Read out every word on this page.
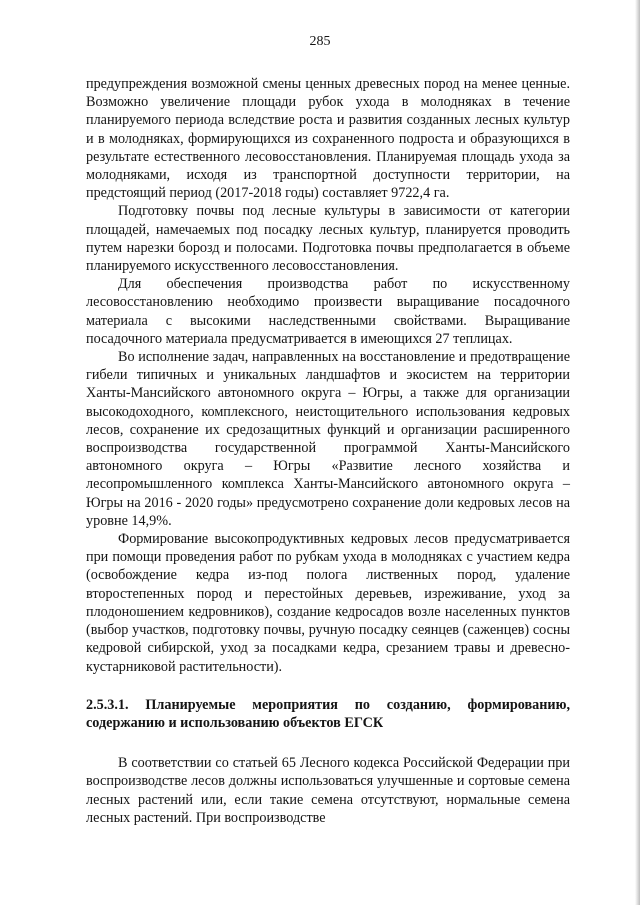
285

предупреждения возможной смены ценных древесных пород на менее ценные. Возможно увеличение площади рубок ухода в молодняках в течение планируемого периода вследствие роста и развития созданных лесных культур и в молодняках, формирующихся из сохраненного подроста и образующихся в результате естественного лесовосстановления. Планируемая площадь ухода за молодняками, исходя из транспортной доступности территории, на предстоящий период (2017-2018 годы) составляет 9722,4 га.

Подготовку почвы под лесные культуры в зависимости от категории площадей, намечаемых под посадку лесных культур, планируется проводить путем нарезки борозд и полосами. Подготовка почвы предполагается в объеме планируемого искусственного лесовосстановления.

Для обеспечения производства работ по искусственному лесовосстановлению необходимо произвести выращивание посадочного материала с высокими наследственными свойствами. Выращивание посадочного материала предусматривается в имеющихся 27 теплицах.

Во исполнение задач, направленных на восстановление и предотвращение гибели типичных и уникальных ландшафтов и экосистем на территории Ханты-Мансийского автономного округа – Югры, а также для организации высокодоходного, комплексного, неистощительного использования кедровых лесов, сохранение их средозащитных функций и организации расширенного воспроизводства государственной программой Ханты-Мансийского автономного округа – Югры «Развитие лесного хозяйства и лесопромышленного комплекса Ханты-Мансийского автономного округа – Югры на 2016 - 2020 годы» предусмотрено сохранение доли кедровых лесов на уровне 14,9%.

Формирование высокопродуктивных кедровых лесов предусматривается при помощи проведения работ по рубкам ухода в молодняках с участием кедра (освобождение кедра из-под полога лиственных пород, удаление второстепенных пород и перестойных деревьев, изреживание, уход за плодоношением кедровников), создание кедросадов возле населенных пунктов (выбор участков, подготовку почвы, ручную посадку сеянцев (саженцев) сосны кедровой сибирской, уход за посадками кедра, срезанием травы и древесно-кустарниковой растительности).

2.5.3.1. Планируемые мероприятия по созданию, формированию, содержанию и использованию объектов ЕГСК

В соответствии со статьей 65 Лесного кодекса Российской Федерации при воспроизводстве лесов должны использоваться улучшенные и сортовые семена лесных растений или, если такие семена отсутствуют, нормальные семена лесных растений. При воспроизводстве
